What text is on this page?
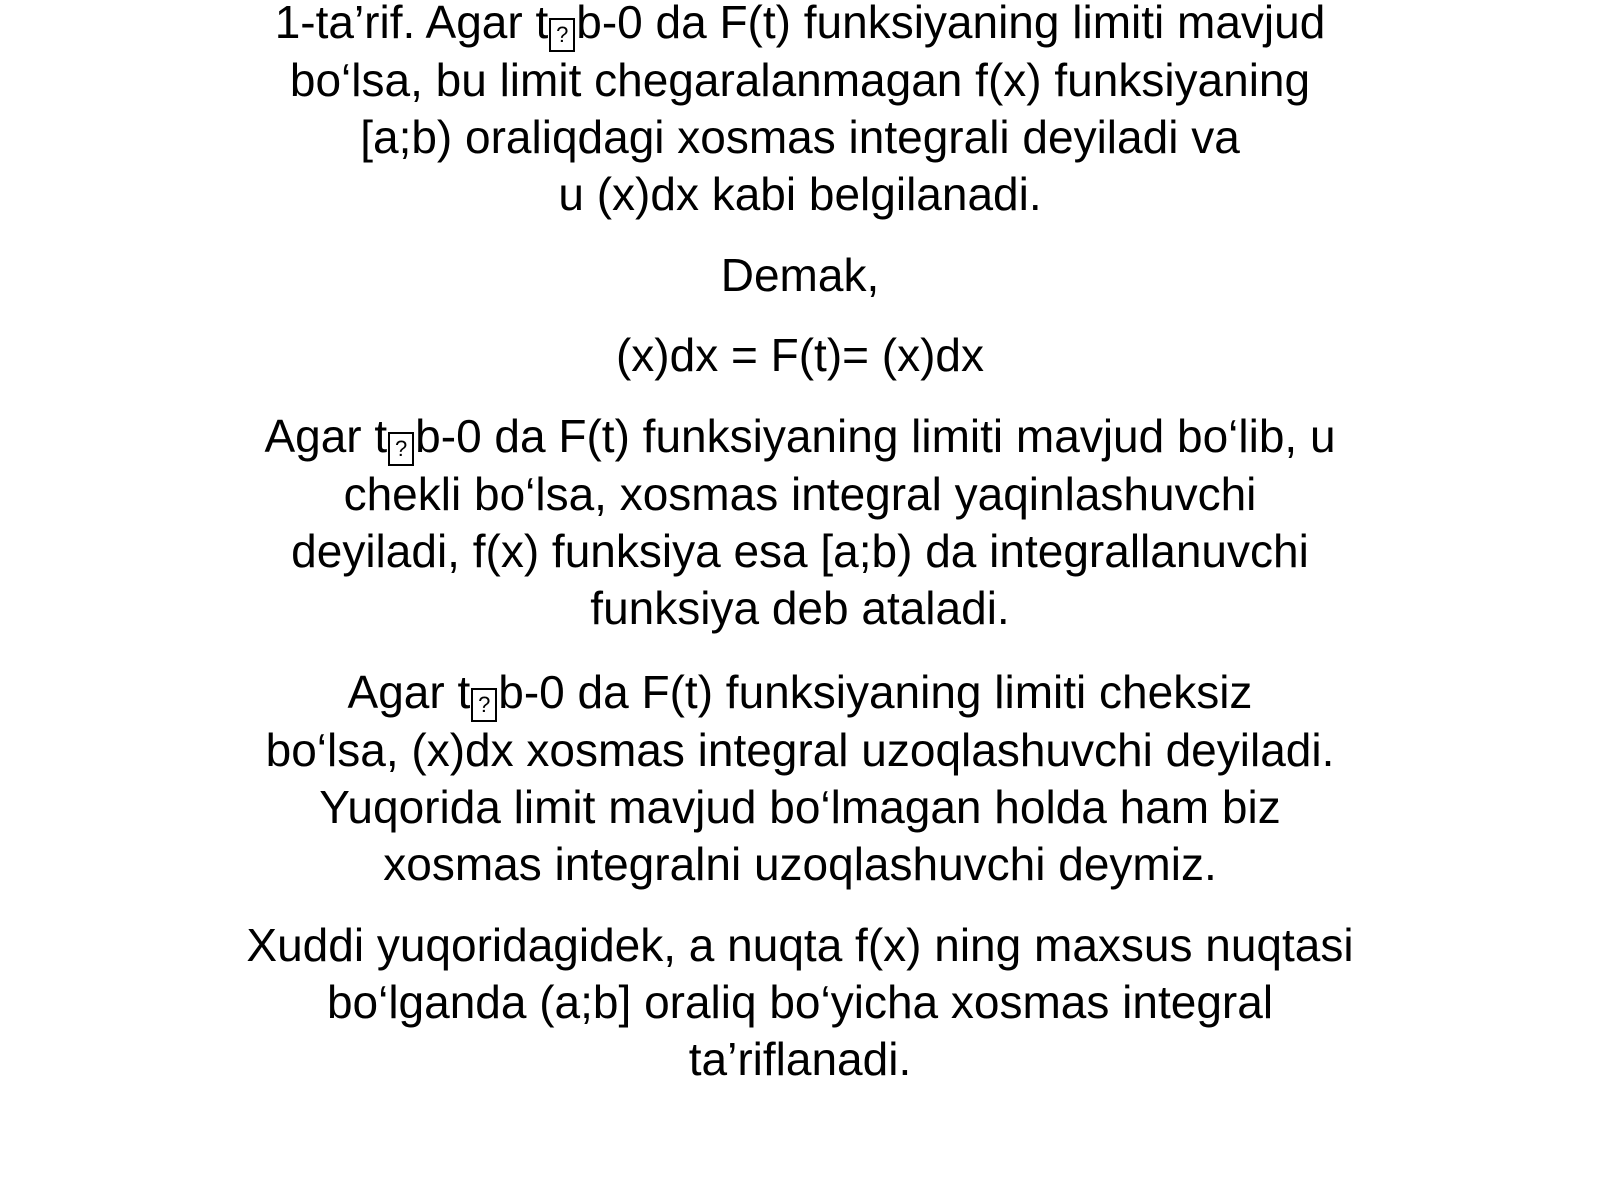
1-ta’rif. Agar t ? b-0 da F(t) funksiyaning limiti mavjud
bo‘lsa, bu limit chegaralanmagan f(x) funksiyaning
[a;b) oraliqdagi xosmas integrali deyiladi va
u (x)dx kabi belgilanadi.
Demak,
(x)dx = F(t)= (x)dx
Agar t ? b-0 da F(t) funksiyaning limiti mavjud bo‘lib, u
chekli bo‘lsa, xosmas integral yaqinlashuvchi
deyiladi, f(x) funksiya esa [a;b) da integrallanuvchi
funksiya deb ataladi.
Agar t ? b-0 da F(t) funksiyaning limiti cheksiz
bo‘lsa, (x)dx xosmas integral uzoqlashuvchi deyiladi.
Yuqorida limit mavjud bo‘lmagan holda ham biz
xosmas integralni uzoqlashuvchi deymiz.
Xuddi yuqoridagidek, a nuqta f(x) ning maxsus nuqtasi
bo‘lganda (a;b] oraliq bo‘yicha xosmas integral
ta’riflanadi.
